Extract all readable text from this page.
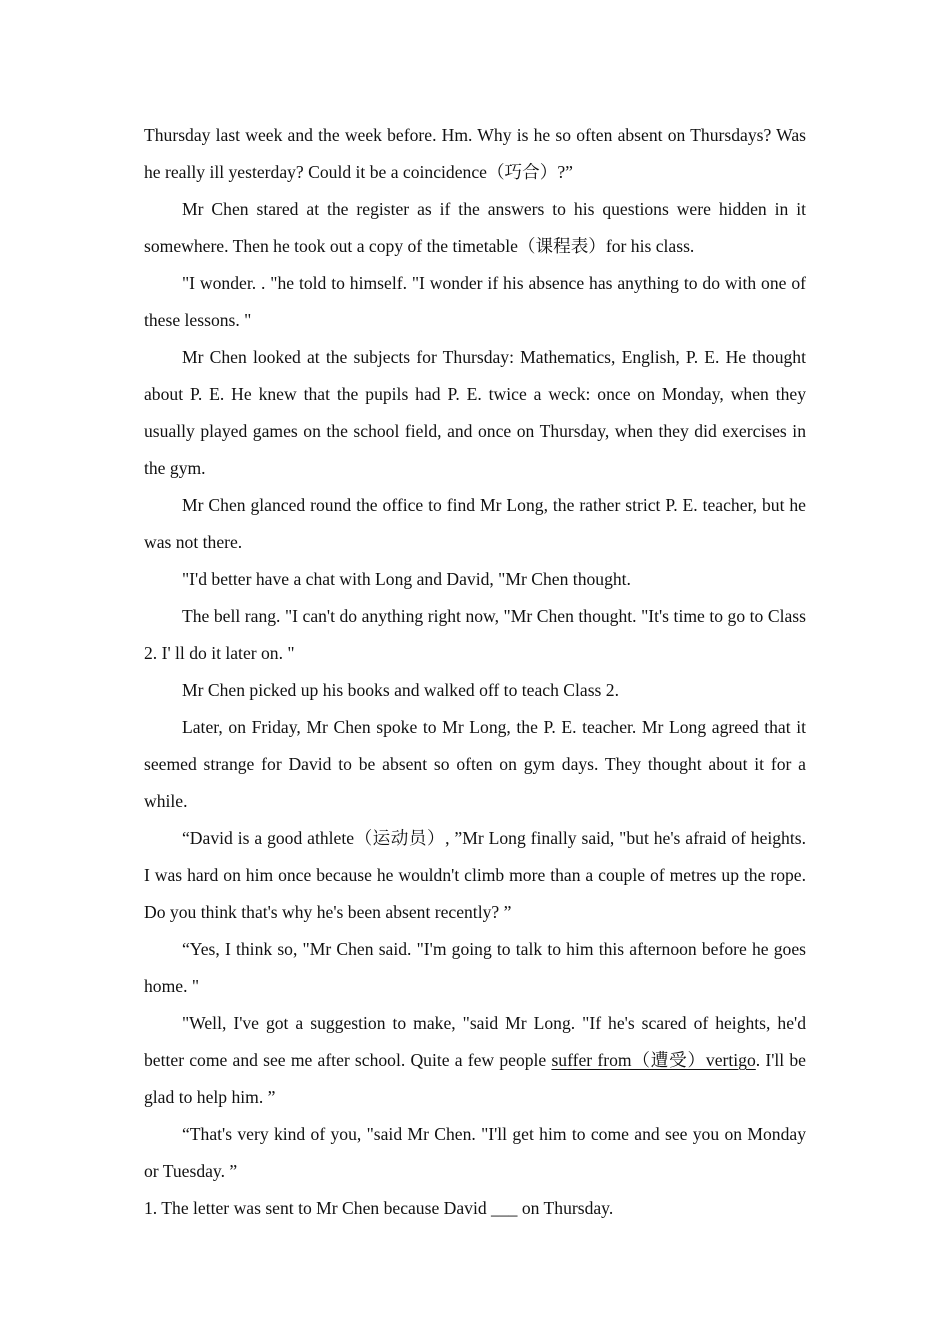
Thursday last week and the week before. Hm. Why is he so often absent on Thursdays? Was he really ill yesterday? Could it be a coincidence（巧合）?”

Mr Chen stared at the register as if the answers to his questions were hidden in it somewhere. Then he took out a copy of the timetable（课程表）for his class.

"I wonder. . "he told to himself. "I wonder if his absence has anything to do with one of these lessons. "

Mr Chen looked at the subjects for Thursday: Mathematics, English, P. E. He thought about P. E. He knew that the pupils had P. E. twice a weck: once on Monday, when they usually played games on the school field, and once on Thursday, when they did exercises in the gym.

Mr Chen glanced round the office to find Mr Long, the rather strict P. E. teacher, but he was not there.

"I'd better have a chat with Long and David, "Mr Chen thought.

The bell rang. "I can't do anything right now, "Mr Chen thought. "It's time to go to Class 2. I' ll do it later on. "

Mr Chen picked up his books and walked off to teach Class 2.

Later, on Friday, Mr Chen spoke to Mr Long, the P. E. teacher. Mr Long agreed that it seemed strange for David to be absent so often on gym days. They thought about it for a while.

“David is a good athlete（运动员）, ”Mr Long finally said, "but he's afraid of heights. I was hard on him once because he wouldn't climb more than a couple of metres up the rope. Do you think that's why he's been absent recently? ”

“Yes, I think so, "Mr Chen said. "I'm going to talk to him this afternoon before he goes home. "

"Well, I've got a suggestion to make, "said Mr Long. "If he's scared of heights, he'd better come and see me after school. Quite a few people suffer from（遭受）vertigo. I'll be glad to help him. ”

“That's very kind of you, "said Mr Chen. "I'll get him to come and see you on Monday or Tuesday. ”

1. The letter was sent to Mr Chen because David ___ on Thursday.
